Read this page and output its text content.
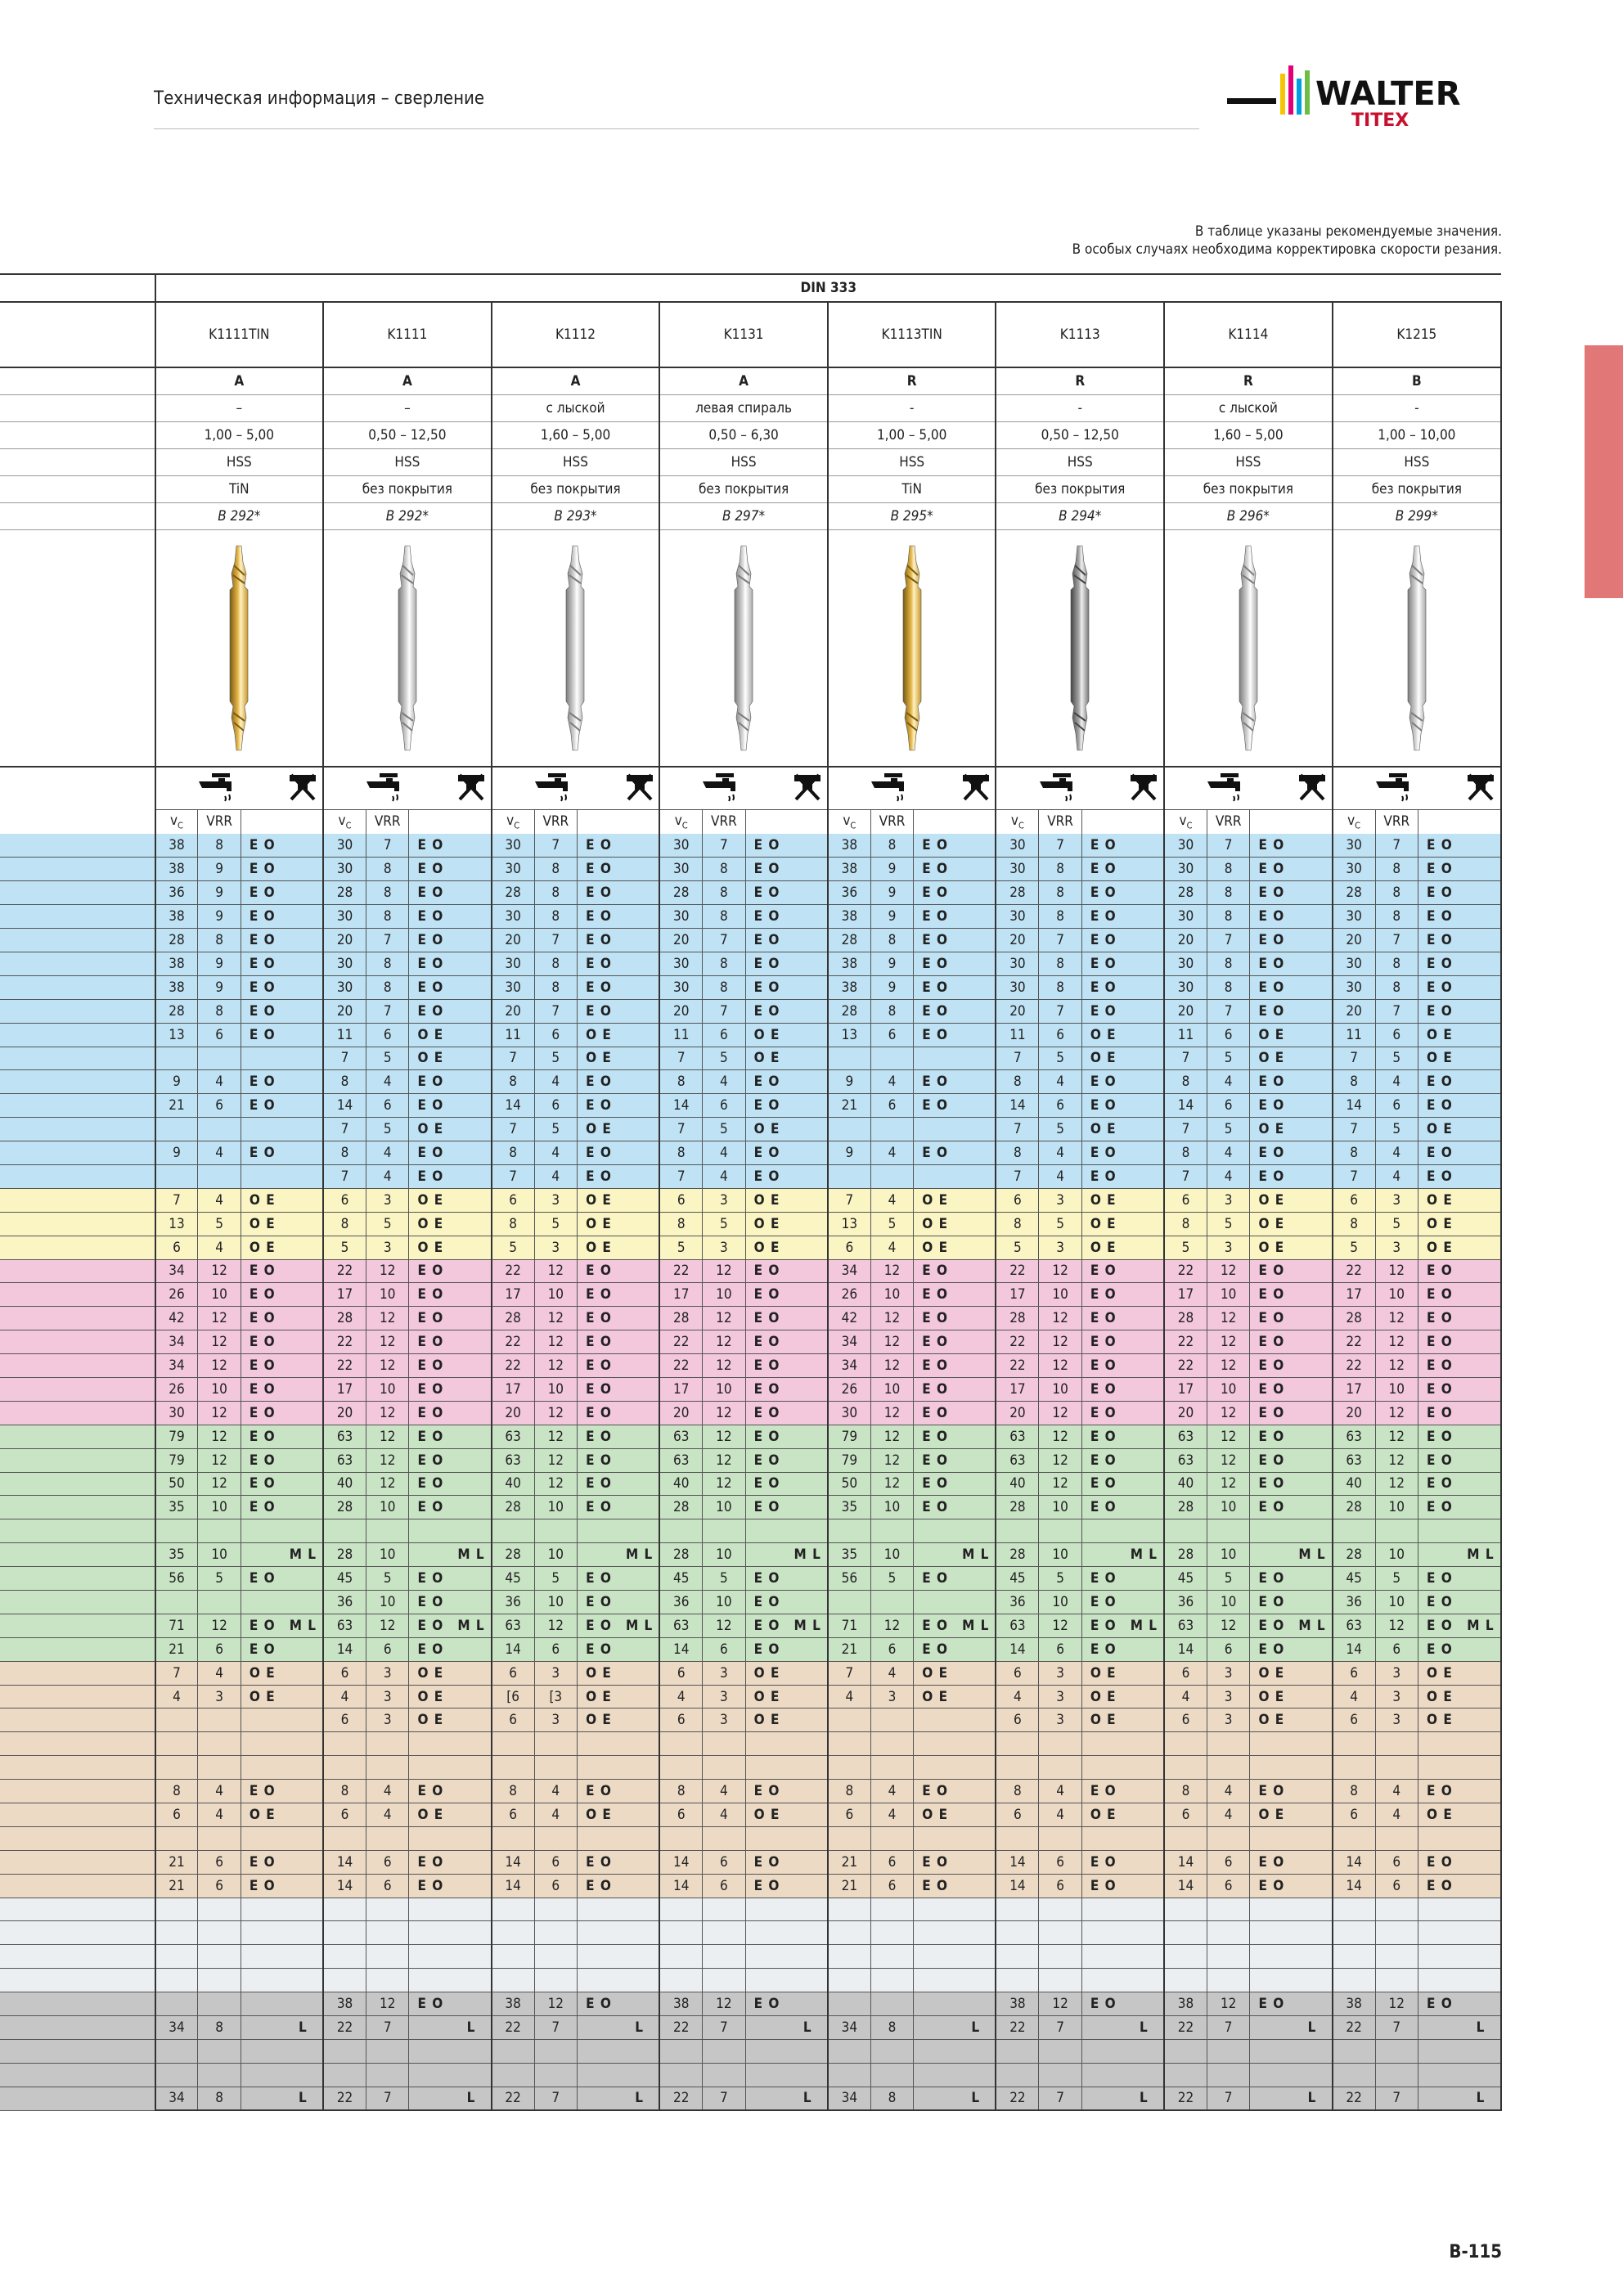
Техническая информация – сверление	WALTER
TITEX
В таблице указаны рекомендуемые значения.
В особых случаях необходима корректировка скорости резания.
	DIN 333																															
	K1111TIN				K1111				K1112				K1131				K1113TIN				K1113				K1114				K1215			
	A				A				A				A				R				R				R				B			
	–				–				с лыской				левая спираль				-				-				с лыской				-			
	1,00 – 5,00				0,50 – 12,50				1,60 – 5,00				0,50 – 6,30				1,00 – 5,00				0,50 – 12,50				1,60 – 5,00				1,00 – 10,00			
	HSS				HSS				HSS				HSS				HSS				HSS				HSS				HSS			
	TiN				без покрытия				без покрытия				без покрытия				TiN				без покрытия				без покрытия				без покрытия			
	B 292*				B 292*				B 293*				B 297*				B 295*				B 294*				B 296*				B 299*			

	$v_C$	VRR			$v_C$	VRR			$v_C$	VRR			$v_C$	VRR			$v_C$	VRR			$v_C$	VRR			$v_C$	VRR			$v_C$	VRR		
	38	8	E O		30	7	E O		30	7	E O		30	7	E O		38	8	E O		30	7	E O		30	7	E O		30	7	E O	
	38	9	E O		30	8	E O		30	8	E O		30	8	E O		38	9	E O		30	8	E O		30	8	E O		30	8	E O	
	36	9	E O		28	8	E O		28	8	E O		28	8	E O		36	9	E O		28	8	E O		28	8	E O		28	8	E O	
	38	9	E O		30	8	E O		30	8	E O		30	8	E O		38	9	E O		30	8	E O		30	8	E O		30	8	E O	
	28	8	E O		20	7	E O		20	7	E O		20	7	E O		28	8	E O		20	7	E O		20	7	E O		20	7	E O	
	38	9	E O		30	8	E O		30	8	E O		30	8	E O		38	9	E O		30	8	E O		30	8	E O		30	8	E O	
	38	9	E O		30	8	E O		30	8	E O		30	8	E O		38	9	E O		30	8	E O		30	8	E O		30	8	E O	
	28	8	E O		20	7	E O		20	7	E O		20	7	E O		28	8	E O		20	7	E O		20	7	E O		20	7	E O	
	13	6	E O		11	6	O E		11	6	O E		11	6	O E		13	6	E O		11	6	O E		11	6	O E		11	6	O E	
					7	5	O E		7	5	O E		7	5	O E						7	5	O E		7	5	O E		7	5	O E	
	9	4	E O		8	4	E O		8	4	E O		8	4	E O		9	4	E O		8	4	E O		8	4	E O		8	4	E O	
	21	6	E O		14	6	E O		14	6	E O		14	6	E O		21	6	E O		14	6	E O		14	6	E O		14	6	E O	
					7	5	O E		7	5	O E		7	5	O E						7	5	O E		7	5	O E		7	5	O E	
	9	4	E O		8	4	E O		8	4	E O		8	4	E O		9	4	E O		8	4	E O		8	4	E O		8	4	E O	
					7	4	E O		7	4	E O		7	4	E O						7	4	E O		7	4	E O		7	4	E O	
	7	4	O E		6	3	O E		6	3	O E		6	3	O E		7	4	O E		6	3	O E		6	3	O E		6	3	O E	
	13	5	O E		8	5	O E		8	5	O E		8	5	O E		13	5	O E		8	5	O E		8	5	O E		8	5	O E	
	6	4	O E		5	3	O E		5	3	O E		5	3	O E		6	4	O E		5	3	O E		5	3	O E		5	3	O E	
	34	12	E O		22	12	E O		22	12	E O		22	12	E O		34	12	E O		22	12	E O		22	12	E O		22	12	E O	
	26	10	E O		17	10	E O		17	10	E O		17	10	E O		26	10	E O		17	10	E O		17	10	E O		17	10	E O	
	42	12	E O		28	12	E O		28	12	E O		28	12	E O		42	12	E O		28	12	E O		28	12	E O		28	12	E O	
	34	12	E O		22	12	E O		22	12	E O		22	12	E O		34	12	E O		22	12	E O		22	12	E O		22	12	E O	
	34	12	E O		22	12	E O		22	12	E O		22	12	E O		34	12	E O		22	12	E O		22	12	E O		22	12	E O	
	26	10	E O		17	10	E O		17	10	E O		17	10	E O		26	10	E O		17	10	E O		17	10	E O		17	10	E O	
	30	12	E O		20	12	E O		20	12	E O		20	12	E O		30	12	E O		20	12	E O		20	12	E O		20	12	E O	
	79	12	E O		63	12	E O		63	12	E O		63	12	E O		79	12	E O		63	12	E O		63	12	E O		63	12	E O	
	79	12	E O		63	12	E O		63	12	E O		63	12	E O		79	12	E O		63	12	E O		63	12	E O		63	12	E O	
	50	12	E O		40	12	E O		40	12	E O		40	12	E O		50	12	E O		40	12	E O		40	12	E O		40	12	E O	
	35	10	E O		28	10	E O		28	10	E O		28	10	E O		35	10	E O		28	10	E O		28	10	E O		28	10	E O	

	35	10		M L	28	10		M L	28	10		M L	28	10		M L	35	10		M L	28	10		M L	28	10		M L	28	10		M L
	56	5	E O		45	5	E O		45	5	E O		45	5	E O		56	5	E O		45	5	E O		45	5	E O		45	5	E O	
					36	10	E O		36	10	E O		36	10	E O						36	10	E O		36	10	E O		36	10	E O	
	71	12	E O	M L	63	12	E O	M L	63	12	E O	M L	63	12	E O	M L	71	12	E O	M L	63	12	E O	M L	63	12	E O	M L	63	12	E O	M L
	21	6	E O		14	6	E O		14	6	E O		14	6	E O		21	6	E O		14	6	E O		14	6	E O		14	6	E O	
	7	4	O E		6	3	O E		6	3	O E		6	3	O E		7	4	O E		6	3	O E		6	3	O E		6	3	O E	
	4	3	O E		4	3	O E		[6	[3	O E		4	3	O E		4	3	O E		4	3	O E		4	3	O E		4	3	O E	
					6	3	O E		6	3	O E		6	3	O E						6	3	O E		6	3	O E		6	3	O E	

	8	4	E O		8	4	E O		8	4	E O		8	4	E O		8	4	E O		8	4	E O		8	4	E O		8	4	E O	
	6	4	O E		6	4	O E		6	4	O E		6	4	O E		6	4	O E		6	4	O E		6	4	O E		6	4	O E	

	21	6	E O		14	6	E O		14	6	E O		14	6	E O		21	6	E O		14	6	E O		14	6	E O		14	6	E O	
	21	6	E O		14	6	E O		14	6	E O		14	6	E O		21	6	E O		14	6	E O		14	6	E O		14	6	E O	

					38	12	E O		38	12	E O		38	12	E O						38	12	E O		38	12	E O		38	12	E O	
	34	8		L	22	7		L	22	7		L	22	7		L	34	8		L	22	7		L	22	7		L	22	7		L

	34	8		L	22	7		L	22	7		L	22	7		L	34	8		L	22	7		L	22	7		L	22	7		L
B-115
